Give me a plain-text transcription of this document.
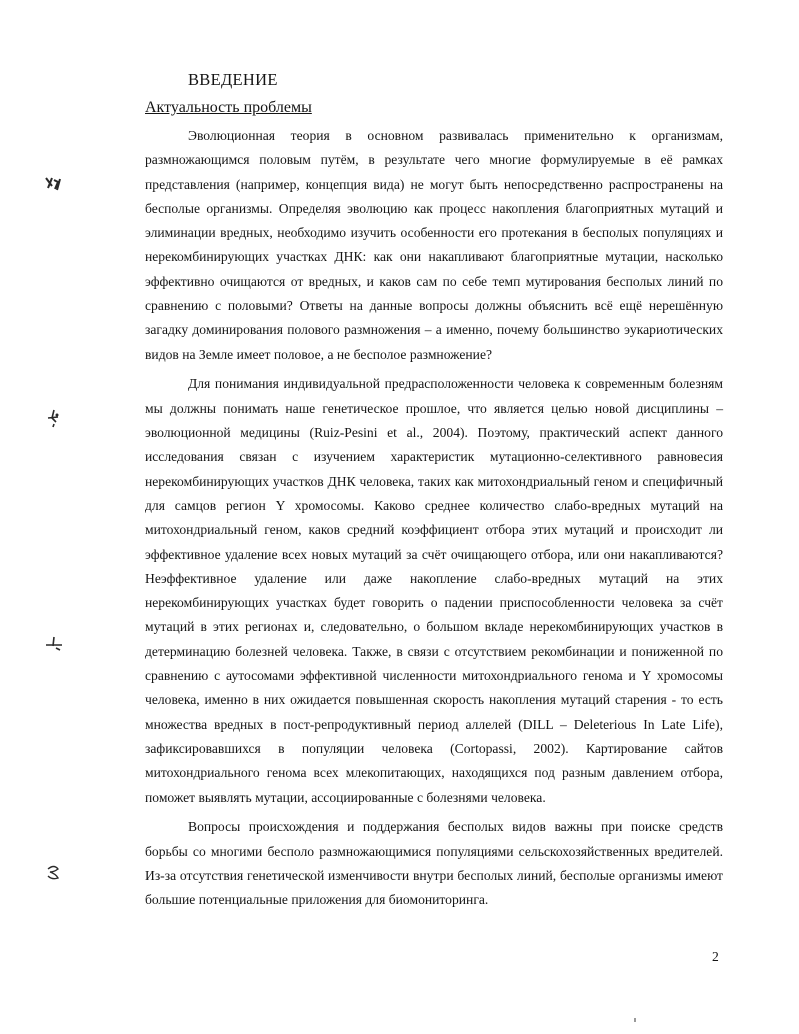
ВВЕДЕНИЕ
Актуальность проблемы

Эволюционная теория в основном развивалась применительно к организмам, размножающимся половым путём, в результате чего многие формулируемые в её рамках представления (например, концепция вида) не могут быть непосредственно распространены на бесполые организмы. Определяя эволюцию как процесс накопления благоприятных мутаций и элиминации вредных, необходимо изучить особенности его протекания в бесполых популяциях и нерекомбинирующих участках ДНК: как они накапливают благоприятные мутации, насколько эффективно очищаются от вредных, и каков сам по себе темп мутирования бесполых линий по сравнению с половыми? Ответы на данные вопросы должны объяснить всё ещё нерешённую загадку доминирования полового размножения – а именно, почему большинство эукариотических видов на Земле имеет половое, а не бесполое размножение?

Для понимания индивидуальной предрасположенности человека к современным болезням мы должны понимать наше генетическое прошлое, что является целью новой дисциплины – эволюционной медицины (Ruiz-Pesini et al., 2004). Поэтому, практический аспект данного исследования связан с изучением характеристик мутационно-селективного равновесия нерекомбинирующих участков ДНК человека, таких как митохондриальный геном и специфичный для самцов регион Y хромосомы. Каково среднее количество слабо-вредных мутаций на митохондриальный геном, каков средний коэффициент отбора этих мутаций и происходит ли эффективное удаление всех новых мутаций за счёт очищающего отбора, или они накапливаются? Неэффективное удаление или даже накопление слабо-вредных мутаций на этих нерекомбинирующих участках будет говорить о падении приспособленности человека за счёт мутаций в этих регионах и, следовательно, о большом вкладе нерекомбинирующих участков в детерминацию болезней человека. Также, в связи с отсутствием рекомбинации и пониженной по сравнению с аутосомами эффективной численности митохондриального генома и Y хромосомы человека, именно в них ожидается повышенная скорость накопления мутаций старения - то есть множества вредных в пост-репродуктивный период аллелей (DILL – Deleterious In Late Life), зафиксировавшихся в популяции человека (Cortopassi, 2002). Картирование сайтов митохондриального генома всех млекопитающих, находящихся под разным давлением отбора, поможет выявлять мутации, ассоциированные с болезнями человека.

Вопросы происхождения и поддержания бесполых видов важны при поиске средств борьбы со многими бесполо размножающимися популяциями сельскохозяйственных вредителей. Из-за отсутствия генетической изменчивости внутри бесполых линий, бесполые организмы имеют большие потенциальные приложения для биомониторинга.

2
